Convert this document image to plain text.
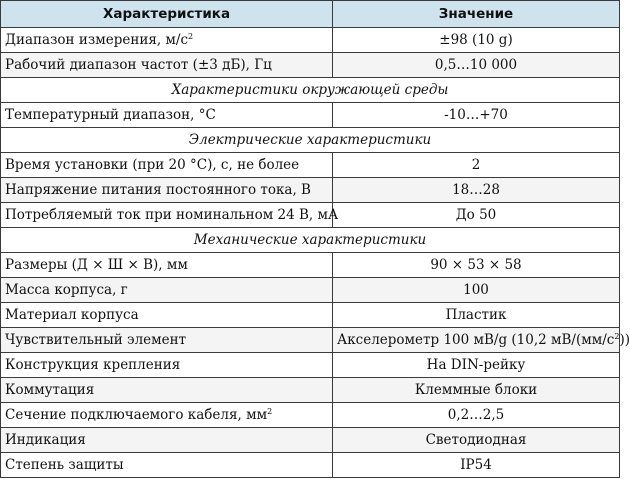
Характеристика	Значение
Диапазон измерения, $м/с^2$	±98 (10 g)
Рабочий диапазон частот (±3 дБ), Гц	0,5…10 000
Характеристики окружающей среды	
Температурный диапазон, °С	-10…+70
Электрические характеристики	
Время установки (при 20 °С), с, не более	2
Напряжение питания постоянного тока, В	18…28
Потребляемый ток при номинальном 24 В, мА	До 50
Механические характеристики	
Размеры (Д × Ш × В), мм	90 × 53 × 58
Масса корпуса, г	100
Материал корпуса	Пластик
Чувствительный элемент	Акселерометр 100 мВ/g (10,2 $мВ/(мм/с^2)$)
Конструкция крепления	На DIN-рейку
Коммутация	Клеммные блоки
Сечение подключаемого кабеля, $мм^2$	0,2…2,5
Индикация	Светодиодная
Степень защиты	IP54
